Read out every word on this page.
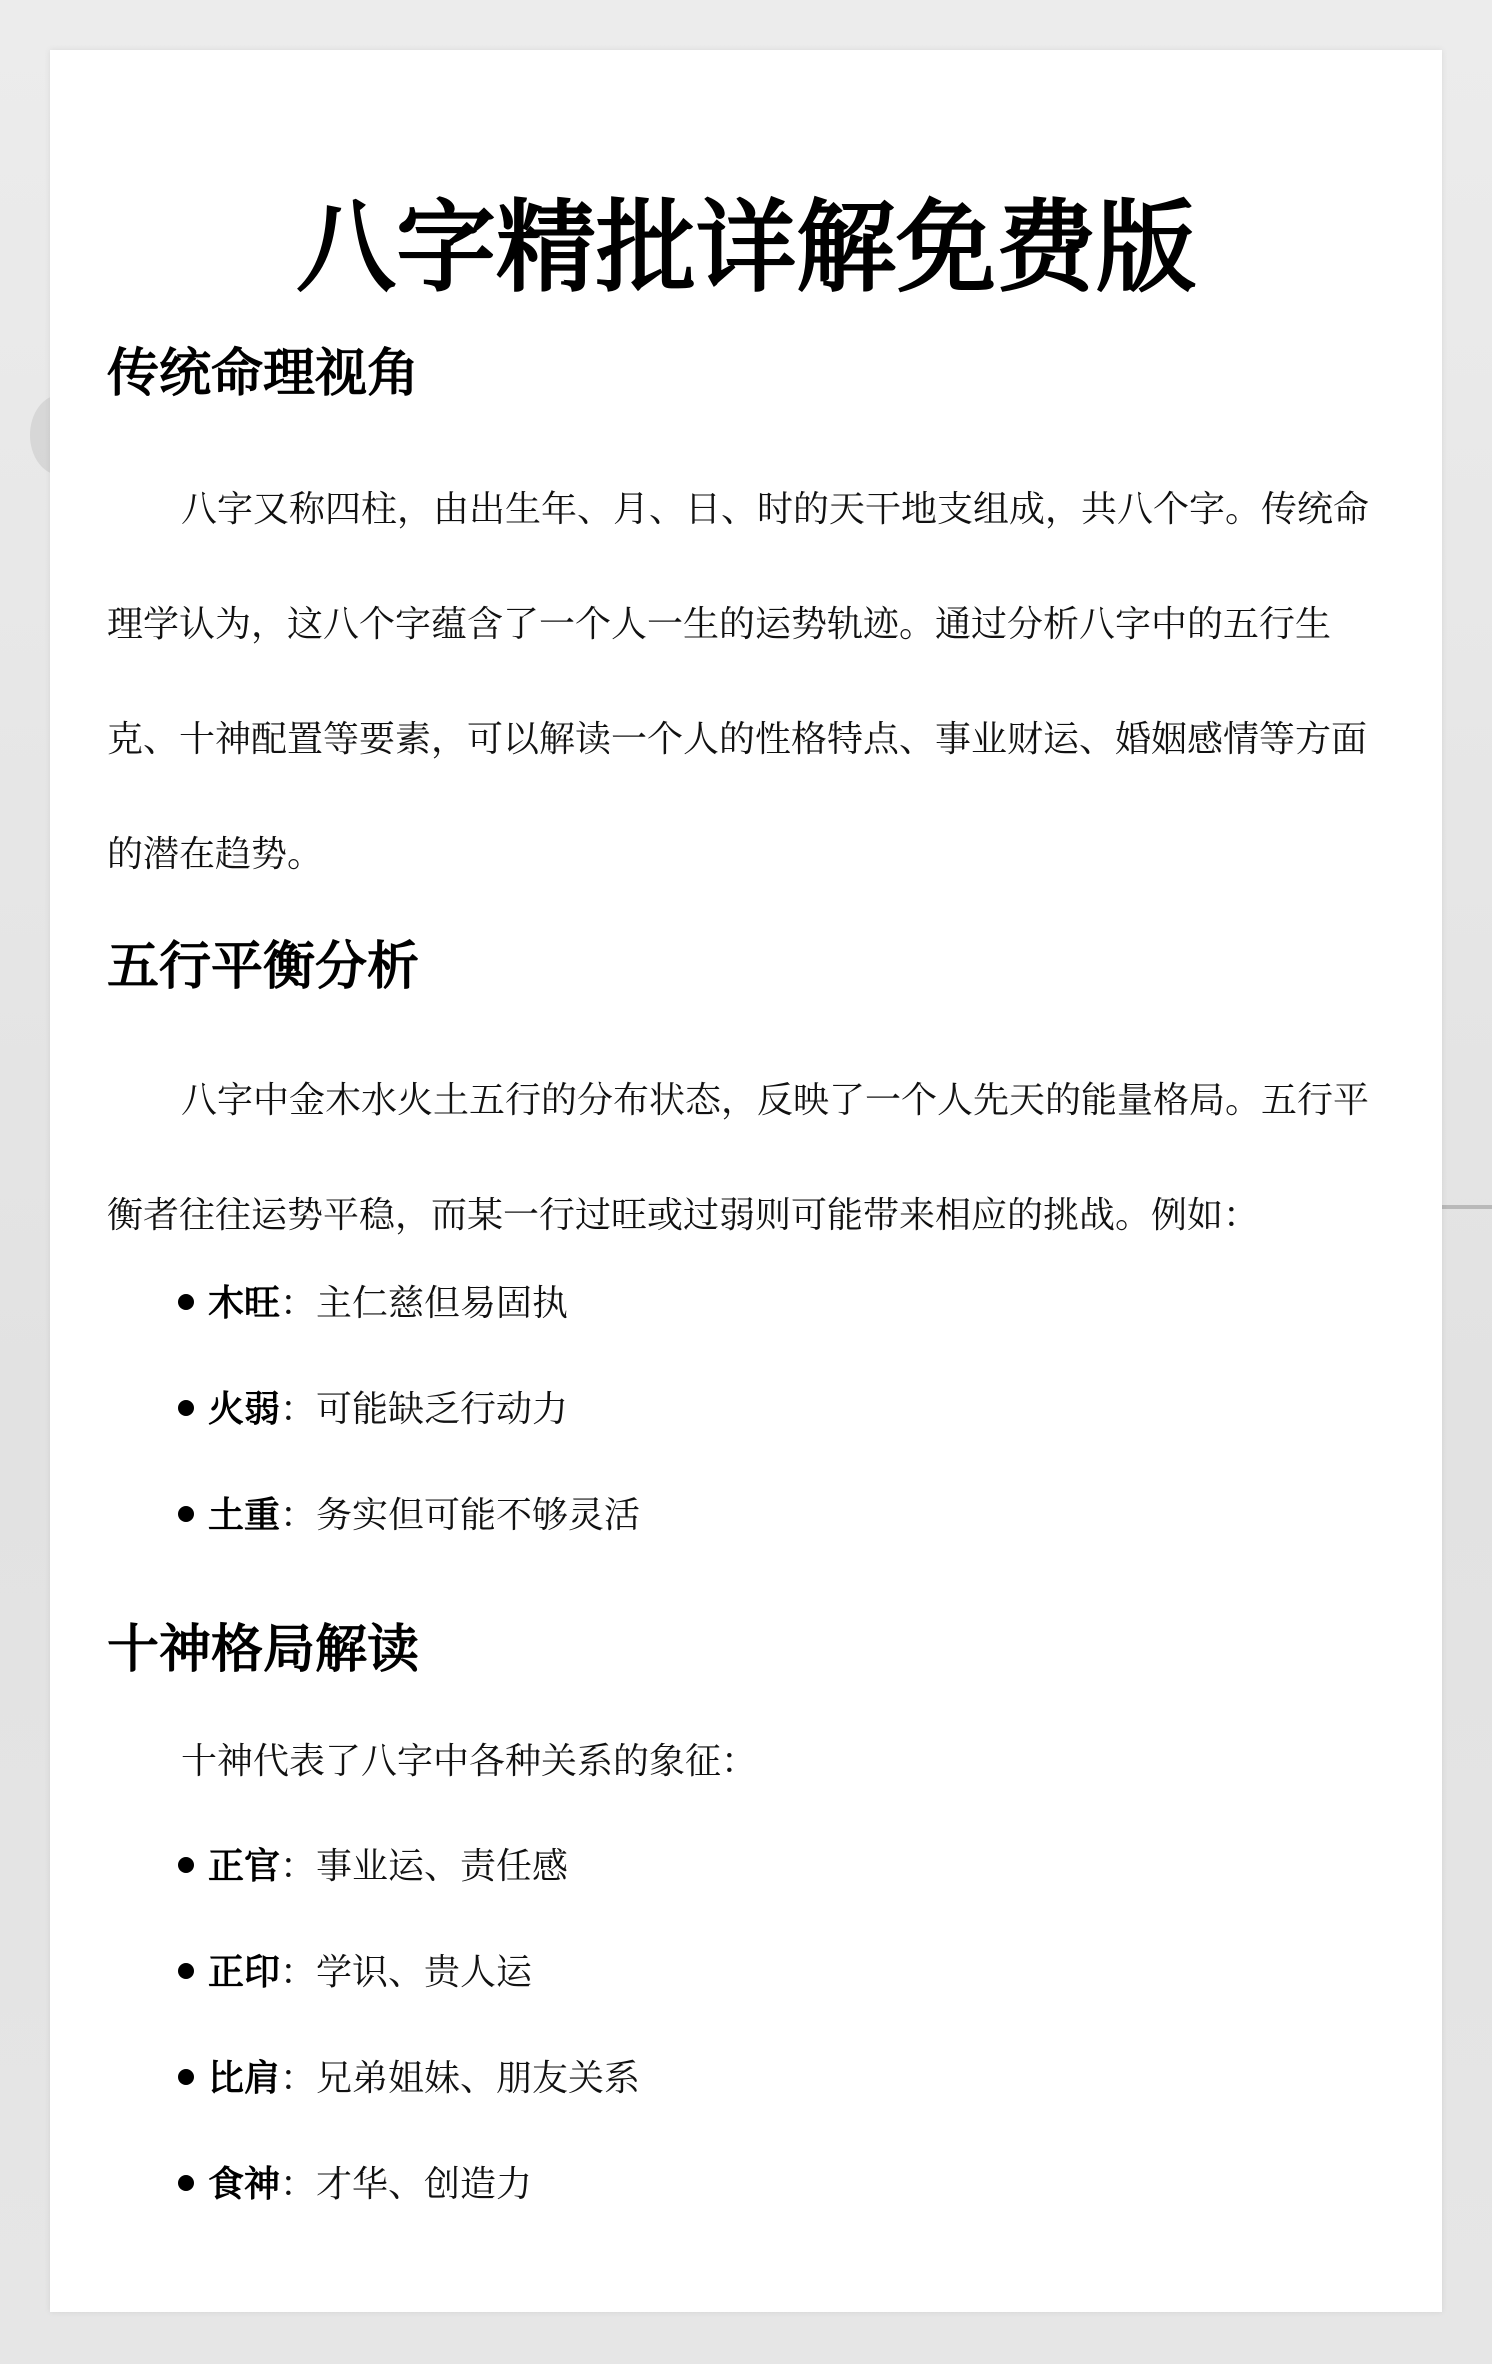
八字精批详解免费版
传统命理视角

八字又称四柱，由出生年、月、日、时的天干地支组成，共八个字。传统命理学认为，这八个字蕴含了一个人一生的运势轨迹。通过分析八字中的五行生克、十神配置等要素，可以解读一个人的性格特点、事业财运、婚姻感情等方面的潜在趋势。

五行平衡分析

八字中金木水火土五行的分布状态，反映了一个人先天的能量格局。五行平衡者往往运势平稳，而某一行过旺或过弱则可能带来相应的挑战。例如：

木旺：主仁慈但易固执
火弱：可能缺乏行动力
土重：务实但可能不够灵活
十神格局解读

十神代表了八字中各种关系的象征：

正官：事业运、责任感
正印：学识、贵人运
比肩：兄弟姐妹、朋友关系
食神：才华、创造力
